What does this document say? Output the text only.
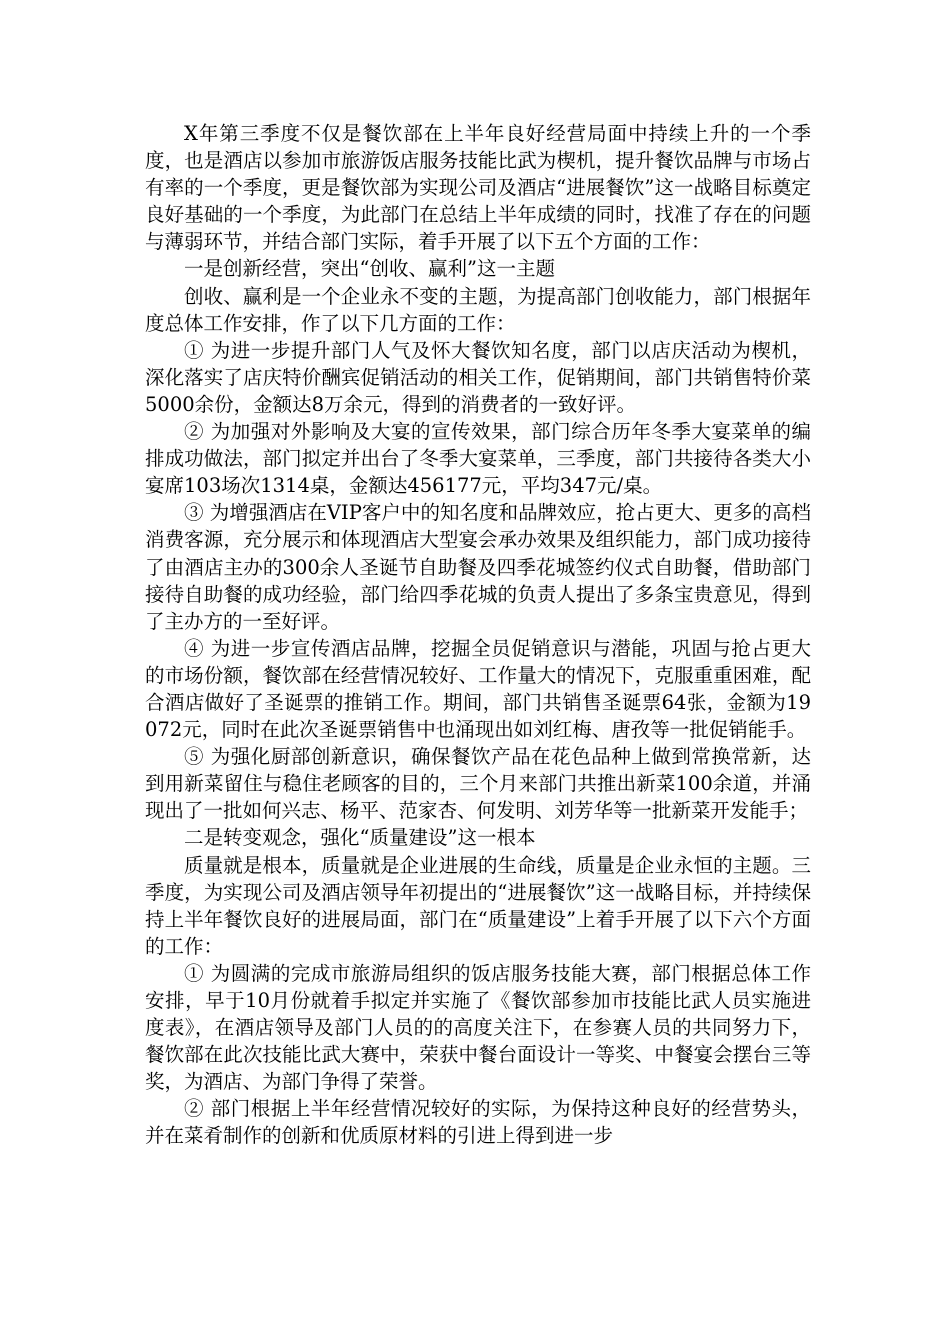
X年第三季度不仅是餐饮部在上半年良好经营局面中持续上升的一个季度，也是酒店以参加市旅游饭店服务技能比武为楔机，提升餐饮品牌与市场占有率的一个季度，更是餐饮部为实现公司及酒店“进展餐饮”这一战略目标奠定良好基础的一个季度，为此部门在总结上半年成绩的同时，找准了存在的问题与薄弱环节，并结合部门实际，着手开展了以下五个方面的工作：

一是创新经营，突出“创收、赢利”这一主题

创收、赢利是一个企业永不变的主题，为提高部门创收能力，部门根据年度总体工作安排，作了以下几方面的工作：

① 为进一步提升部门人气及怀大餐饮知名度，部门以店庆活动为楔机，深化落实了店庆特价酬宾促销活动的相关工作，促销期间，部门共销售特价菜5000余份，金额达8万余元，得到的消费者的一致好评。

② 为加强对外影响及大宴的宣传效果，部门综合历年冬季大宴菜单的编排成功做法，部门拟定并出台了冬季大宴菜单，三季度，部门共接待各类大小宴席103场次1314桌，金额达456177元，平均347元/桌。

③ 为增强酒店在VIP客户中的知名度和品牌效应，抢占更大、更多的高档消费客源，充分展示和体现酒店大型宴会承办效果及组织能力，部门成功接待了由酒店主办的300余人圣诞节自助餐及四季花城签约仪式自助餐，借助部门接待自助餐的成功经验，部门给四季花城的负责人提出了多条宝贵意见，得到了主办方的一至好评。

④ 为进一步宣传酒店品牌，挖掘全员促销意识与潜能，巩固与抢占更大的市场份额，餐饮部在经营情况较好、工作量大的情况下，克服重重困难，配合酒店做好了圣诞票的推销工作。期间，部门共销售圣诞票64张，金额为19072元，同时在此次圣诞票销售中也涌现出如刘红梅、唐孜等一批促销能手。

⑤ 为强化厨部创新意识，确保餐饮产品在花色品种上做到常换常新，达到用新菜留住与稳住老顾客的目的，三个月来部门共推出新菜100余道，并涌现出了一批如何兴志、杨平、范家杏、何发明、刘芳华等一批新菜开发能手；

二是转变观念，强化“质量建设”这一根本

质量就是根本，质量就是企业进展的生命线，质量是企业永恒的主题。三季度，为实现公司及酒店领导年初提出的“进展餐饮”这一战略目标，并持续保持上半年餐饮良好的进展局面，部门在“质量建设”上着手开展了以下六个方面的工作：

① 为圆满的完成市旅游局组织的饭店服务技能大赛，部门根据总体工作安排，早于10月份就着手拟定并实施了《餐饮部参加市技能比武人员实施进度表》，在酒店领导及部门人员的的高度关注下，在参赛人员的共同努力下，餐饮部在此次技能比武大赛中，荣获中餐台面设计一等奖、中餐宴会摆台三等奖，为酒店、为部门争得了荣誉。

② 部门根据上半年经营情况较好的实际，为保持这种良好的经营势头，并在菜肴制作的创新和优质原材料的引进上得到进一步
